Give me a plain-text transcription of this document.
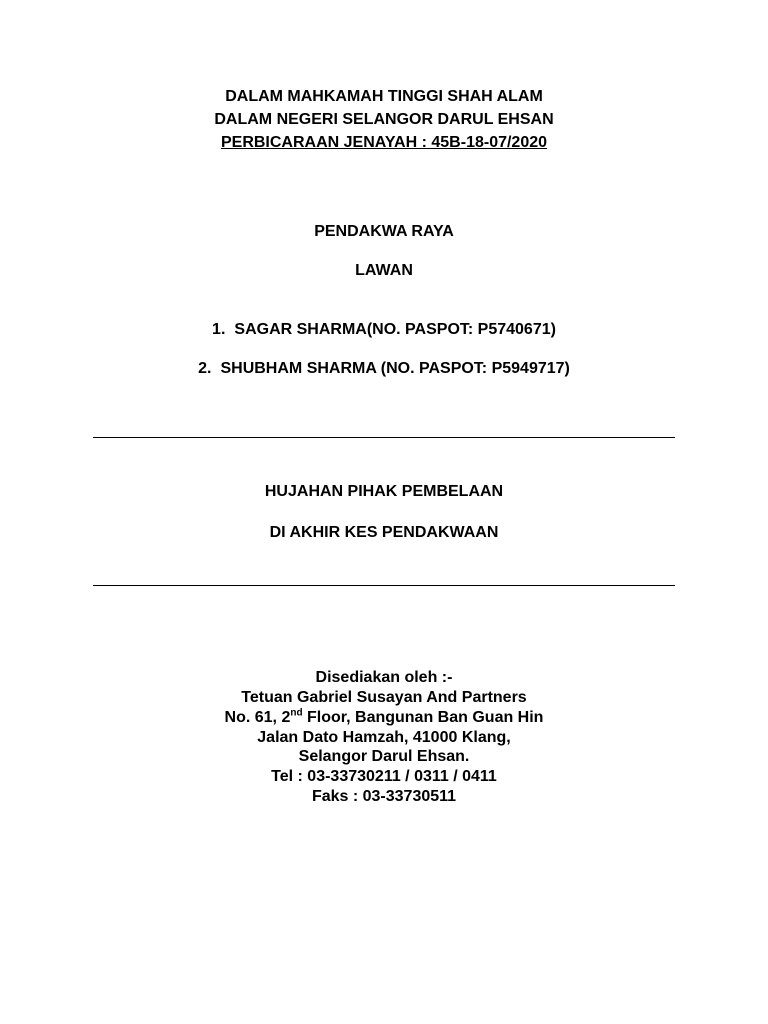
DALAM MAHKAMAH TINGGI SHAH ALAM
DALAM NEGERI SELANGOR DARUL EHSAN
PERBICARAAN JENAYAH : 45B-18-07/2020
PENDAKWA RAYA
LAWAN
1. SAGAR SHARMA(NO. PASPOT: P5740671)
2. SHUBHAM SHARMA (NO. PASPOT: P5949717)
HUJAHAN PIHAK PEMBELAAN
DI AKHIR KES PENDAKWAAN
Disediakan oleh :-
Tetuan Gabriel Susayan And Partners
No. 61, 2nd Floor, Bangunan Ban Guan Hin
Jalan Dato Hamzah, 41000 Klang,
Selangor Darul Ehsan.
Tel : 03-33730211 / 0311 / 0411
Faks : 03-33730511
